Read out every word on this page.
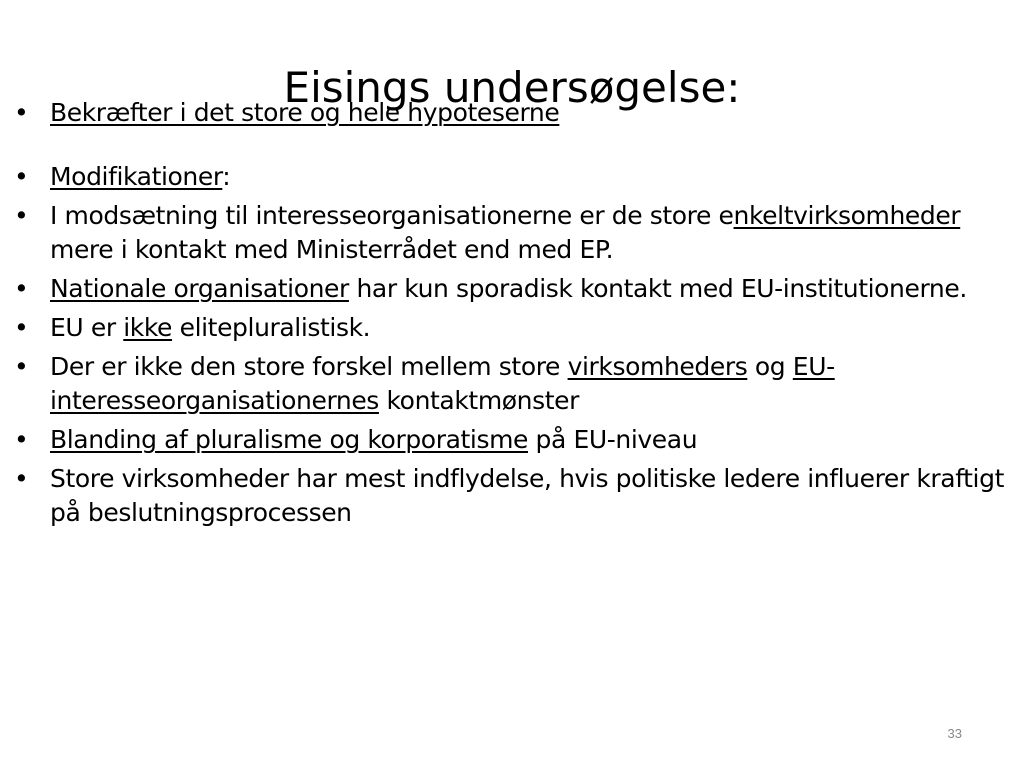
Eisings undersøgelse:
• Bekræfter i det store og hele hypoteserne
• Modifikationer:
• I modsætning til interesseorganisationerne er de store enkeltvirksomheder mere i kontakt med Ministerrådet end med EP.
• Nationale organisationer har kun sporadisk kontakt med EU-institutionerne.
• EU er ikke elitepluralistisk.
• Der er ikke den store forskel mellem store virksomheders og EU-interesseorganisationernes kontaktmønster
• Blanding af pluralisme og korporatisme på EU-niveau
• Store virksomheder har mest indflydelse, hvis politiske ledere influerer kraftigt på beslutningsprocessen
33
